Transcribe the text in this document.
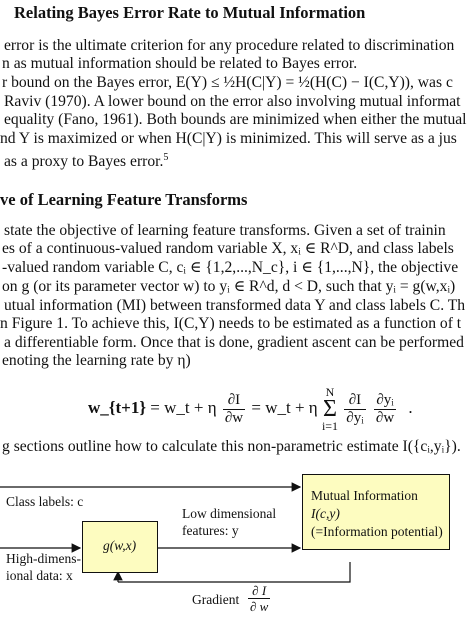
Relating Bayes Error Rate to Mutual Information
error is the ultimate criterion for any procedure related to discrimination
n as mutual information should be related to Bayes error.
r bound on the Bayes error, E(Y) ≤ ½H(C|Y) = ½(H(C) − I(C,Y)), was c
Raviv (1970). A lower bound on the error also involving mutual informat
equality (Fano, 1961). Both bounds are minimized when either the mutual
nd Y is maximized or when H(C|Y) is minimized. This will serve as a jus
as a proxy to Bayes error.$^5$
ve of Learning Feature Transforms
state the objective of learning feature transforms. Given a set of trainin
es of a continuous-valued random variable X, xᵢ ∈ R^D, and class labels
-valued random variable C, cᵢ ∈ {1,2,...,N_c}, i ∈ {1,...,N}, the objective
on g (or its parameter vector w) to yᵢ ∈ R^d, d < D, such that yᵢ = g(w,xᵢ)
utual information (MI) between transformed data Y and class labels C. Th
n Figure 1. To achieve this, I(C,Y) needs to be estimated as a function of t
a differentiable form. Once that is done, gradient ascent can be performed
enoting the learning rate by η)
w_{t+1} = w_t + η $\frac{\partial I}{\partial w}$ = w_t + η N
Σ
$i=1 \frac{\partial I}{\text{∂yᵢ}}$
$\frac{\text{∂yᵢ}}{\partial w}$ .
g sections outline how to calculate this non-parametric estimate I({cᵢ,yᵢ}).
Class labels: c
High-dimens-
ional data: x
g(w,x)
Low dimensional
features: y
Mutual Information
I(c,y)
(=Information potential)
Gradient $\frac{\partial I}{\partial w}$
